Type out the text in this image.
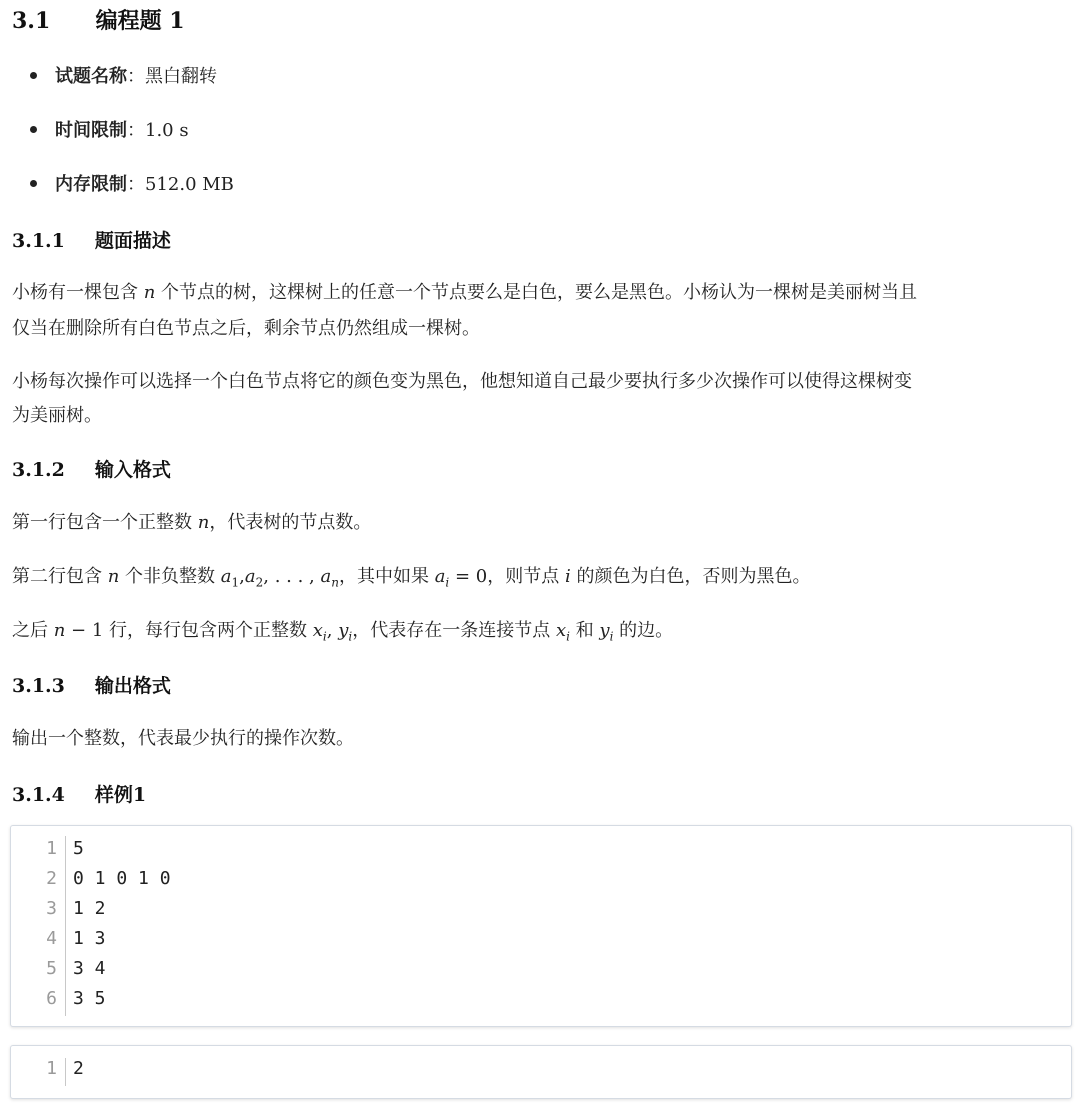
3.1 编程题 1
试题名称：黑白翻转
时间限制：1.0 s
内存限制：512.0 MB
3.1.1 题面描述
小杨有一棵包含 n 个节点的树，这棵树上的任意一个节点要么是白色，要么是黑色。小杨认为一棵树是美丽树当且
仅当在删除所有白色节点之后，剩余节点仍然组成一棵树。
小杨每次操作可以选择一个白色节点将它的颜色变为黑色，他想知道自己最少要执行多少次操作可以使得这棵树变
为美丽树。
3.1.2 输入格式
第一行包含一个正整数 n，代表树的节点数。
第二行包含 n 个非负整数 $a_1,a_2$, . . . , $a_n$，其中如果 $a_i = 0$，则节点 i 的颜色为白色，否则为黑色。
之后 n − 1 行，每行包含两个正整数 $x_i$, $y_i$，代表存在一条连接节点 $x_i$ 和 $y_i$ 的边。
3.1.3 输出格式
输出一个整数，代表最少执行的操作次数。
3.1.4 样例1
1 5
2 0 1 0 1 0
3 1 2
4 1 3
5 3 4
6 3 5
1 2
